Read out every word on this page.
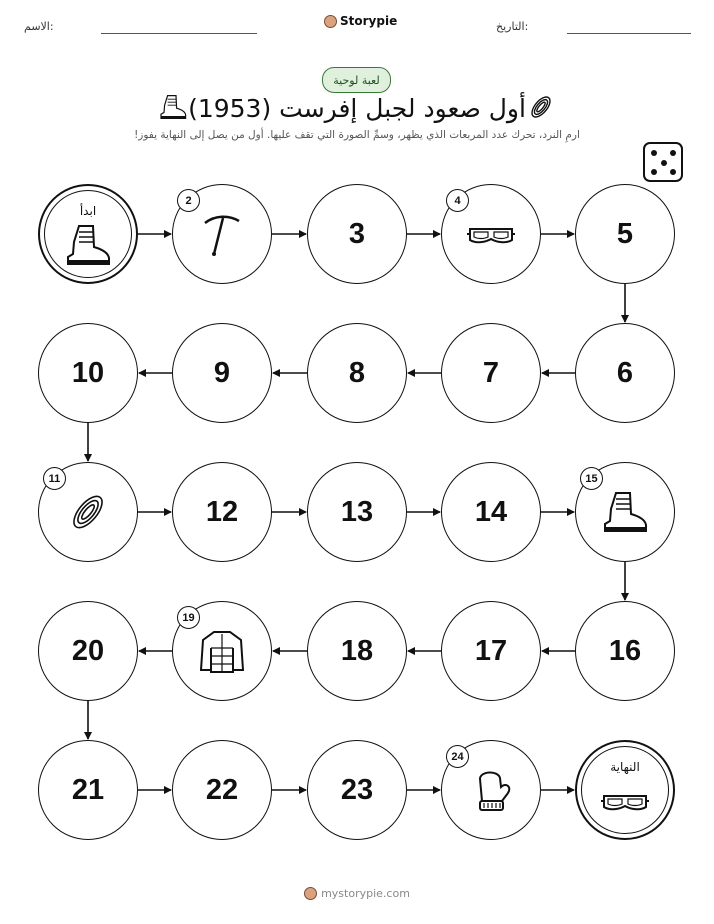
الاسم:	التاريخ:
Storypie
لعبة لوحية
أول صعود لجبل إفرست (1953)
ارمِ النرد، تحرك عدد المربعات الذي يظهر، وسمِّ الصورة التي تقف عليها. أول من يصل إلى النهاية يفوز!
ابدأ
2
3
4
5
6
7
8
9
10
11
12	13	14
15
16
17
18
19
20
21	22	23
24
النهاية
mystorypie.com
